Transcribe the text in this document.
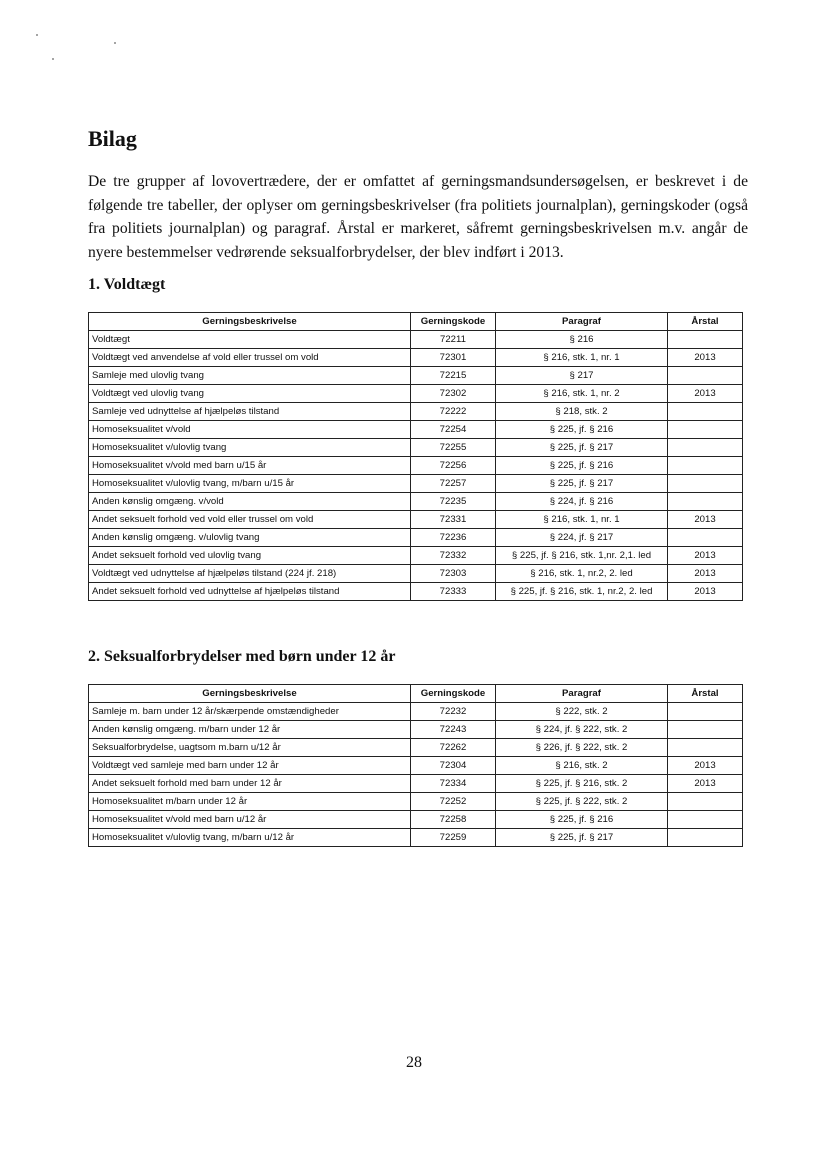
Bilag

De tre grupper af lovovertrædere, der er omfattet af gerningsmandsundersøgelsen, er beskrevet i de følgende tre tabeller, der oplyser om gerningsbeskrivelser (fra politiets journalplan), gerningskoder (også fra politiets journalplan) og paragraf. Årstal er markeret, såfremt gerningsbeskrivelsen m.v. angår de nyere bestemmelser vedrørende seksualforbrydelser, der blev indført i 2013.

1. Voldtægt
Gerningsbeskrivelse	Gerningskode	Paragraf	Årstal
Voldtægt	72211	§ 216	
Voldtægt ved anvendelse af vold eller trussel om vold	72301	§ 216, stk. 1, nr. 1	2013
Samleje med ulovlig tvang	72215	§ 217	
Voldtægt ved ulovlig tvang	72302	§ 216, stk. 1, nr. 2	2013
Samleje ved udnyttelse af hjælpeløs tilstand	72222	§ 218, stk. 2	
Homoseksualitet v/vold	72254	§ 225, jf. § 216	
Homoseksualitet v/ulovlig tvang	72255	§ 225, jf. § 217	
Homoseksualitet v/vold med barn u/15 år	72256	§ 225, jf. § 216	
Homoseksualitet v/ulovlig tvang, m/barn u/15 år	72257	§ 225, jf. § 217	
Anden kønslig omgæng. v/vold	72235	§ 224, jf. § 216	
Andet seksuelt forhold ved vold eller trussel om vold	72331	§ 216, stk. 1, nr. 1	2013
Anden kønslig omgæng. v/ulovlig tvang	72236	§ 224, jf. § 217	
Andet seksuelt forhold ved ulovlig tvang	72332	§ 225, jf. § 216, stk. 1,nr. 2,1. led	2013
Voldtægt ved udnyttelse af hjælpeløs tilstand (224 jf. 218)	72303	§ 216, stk. 1, nr.2, 2. led	2013
Andet seksuelt forhold ved udnyttelse af hjælpeløs tilstand	72333	§ 225, jf. § 216, stk. 1, nr.2, 2. led	2013
2. Seksualforbrydelser med børn under 12 år
Gerningsbeskrivelse	Gerningskode	Paragraf	Årstal
Samleje m. barn under 12 år/skærpende omstændigheder	72232	§ 222, stk. 2	
Anden kønslig omgæng. m/barn under 12 år	72243	§ 224, jf. § 222, stk. 2	
Seksualforbrydelse, uagtsom m.barn u/12 år	72262	§ 226, jf. § 222, stk. 2	
Voldtægt ved samleje med barn under 12 år	72304	§ 216, stk. 2	2013
Andet seksuelt forhold med barn under 12 år	72334	§ 225, jf. § 216, stk. 2	2013
Homoseksualitet m/barn under 12 år	72252	§ 225, jf. § 222, stk. 2	
Homoseksualitet v/vold med barn u/12 år	72258	§ 225, jf. § 216	
Homoseksualitet v/ulovlig tvang, m/barn u/12 år	72259	§ 225, jf. § 217	
28
